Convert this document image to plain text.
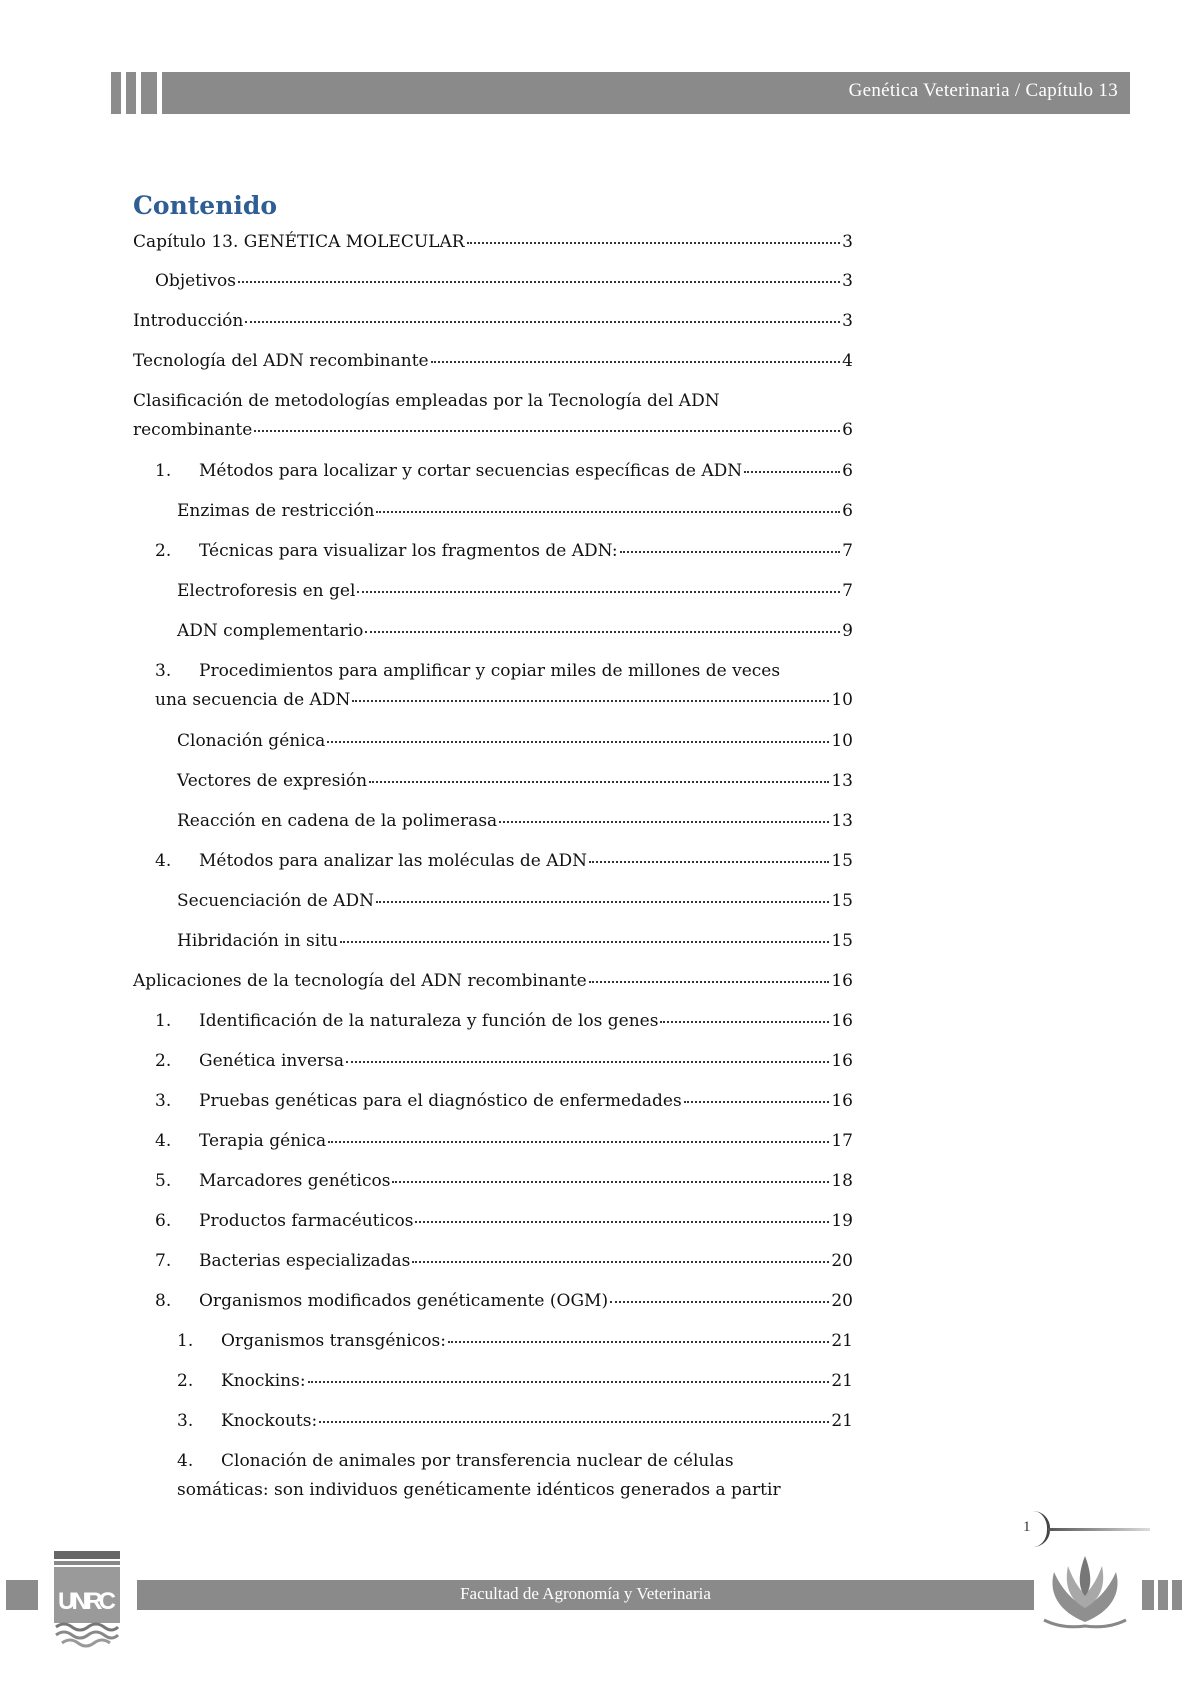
Genética Veterinaria / Capítulo 13
Contenido
Capítulo 13. GENÉTICA MOLECULAR	3
Objetivos	3
Introducción	3
Tecnología del ADN recombinante	4
Clasificación de metodologías empleadas por la Tecnología del ADN
recombinante	6
1.	Métodos para localizar y cortar secuencias específicas de ADN	6
Enzimas de restricción	6
2.	Técnicas para visualizar los fragmentos de ADN:	7
Electroforesis en gel	7
ADN complementario	9
3. Procedimientos para amplificar y copiar miles de millones de veces
una secuencia de ADN	10
Clonación génica	10
Vectores de expresión	13
Reacción en cadena de la polimerasa	13
4.	Métodos para analizar las moléculas de ADN	15
Secuenciación de ADN	15
Hibridación in situ	15
Aplicaciones de la tecnología del ADN recombinante	16
1.	Identificación de la naturaleza y función de los genes	16
2.	Genética inversa	16
3.	Pruebas genéticas para el diagnóstico de enfermedades	16
4.	Terapia génica	17
5.	Marcadores genéticos	18
6.	Productos farmacéuticos	19
7.	Bacterias especializadas	20
8.	Organismos modificados genéticamente (OGM)	20
1.	Organismos transgénicos:	21
2.	Knockins:	21
3.	Knockouts:	21
4. Clonación de animales por transferencia nuclear de células
somáticas: son individuos genéticamente idénticos generados a partir
1
UNRC	Facultad de Agronomía y Veterinaria
